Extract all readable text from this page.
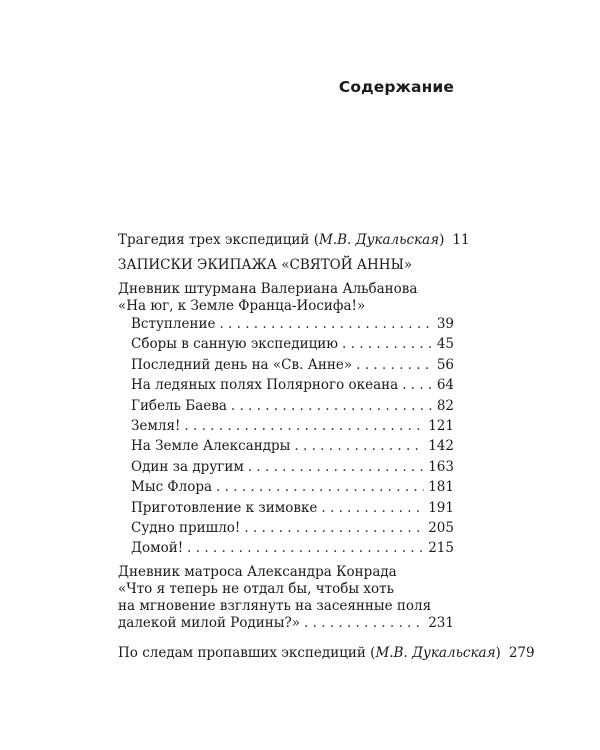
Содержание
Трагедия трех экспедиций (М.В. Дукальская) 11
ЗАПИСКИ ЭКИПАЖА «СВЯТОЙ АННЫ»
Дневник штурмана Валериана Альбанова
«На юг, к Земле Франца-Иосифа!»
Вступление . . .	39
Сборы в санную экспедицию . . .	45
Последний день на «Св. Анне» . . .	56
На ледяных полях Полярного океана . . .	64
Гибель Баева . . .	82
Земля! . . .	121
На Земле Александры . . .	142
Один за другим . . .	163
Мыс Флора . . .	181
Приготовление к зимовке . . .	191
Судно пришло! . . .	205
Домой! . . .	215
Дневник матроса Александра Конрада
«Что я теперь не отдал бы, чтобы хоть
на мгновение взглянуть на засеянные поля
далекой милой Родины?» . . .	231
По следам пропавших экспедиций (М.В. Дукальская) 279
